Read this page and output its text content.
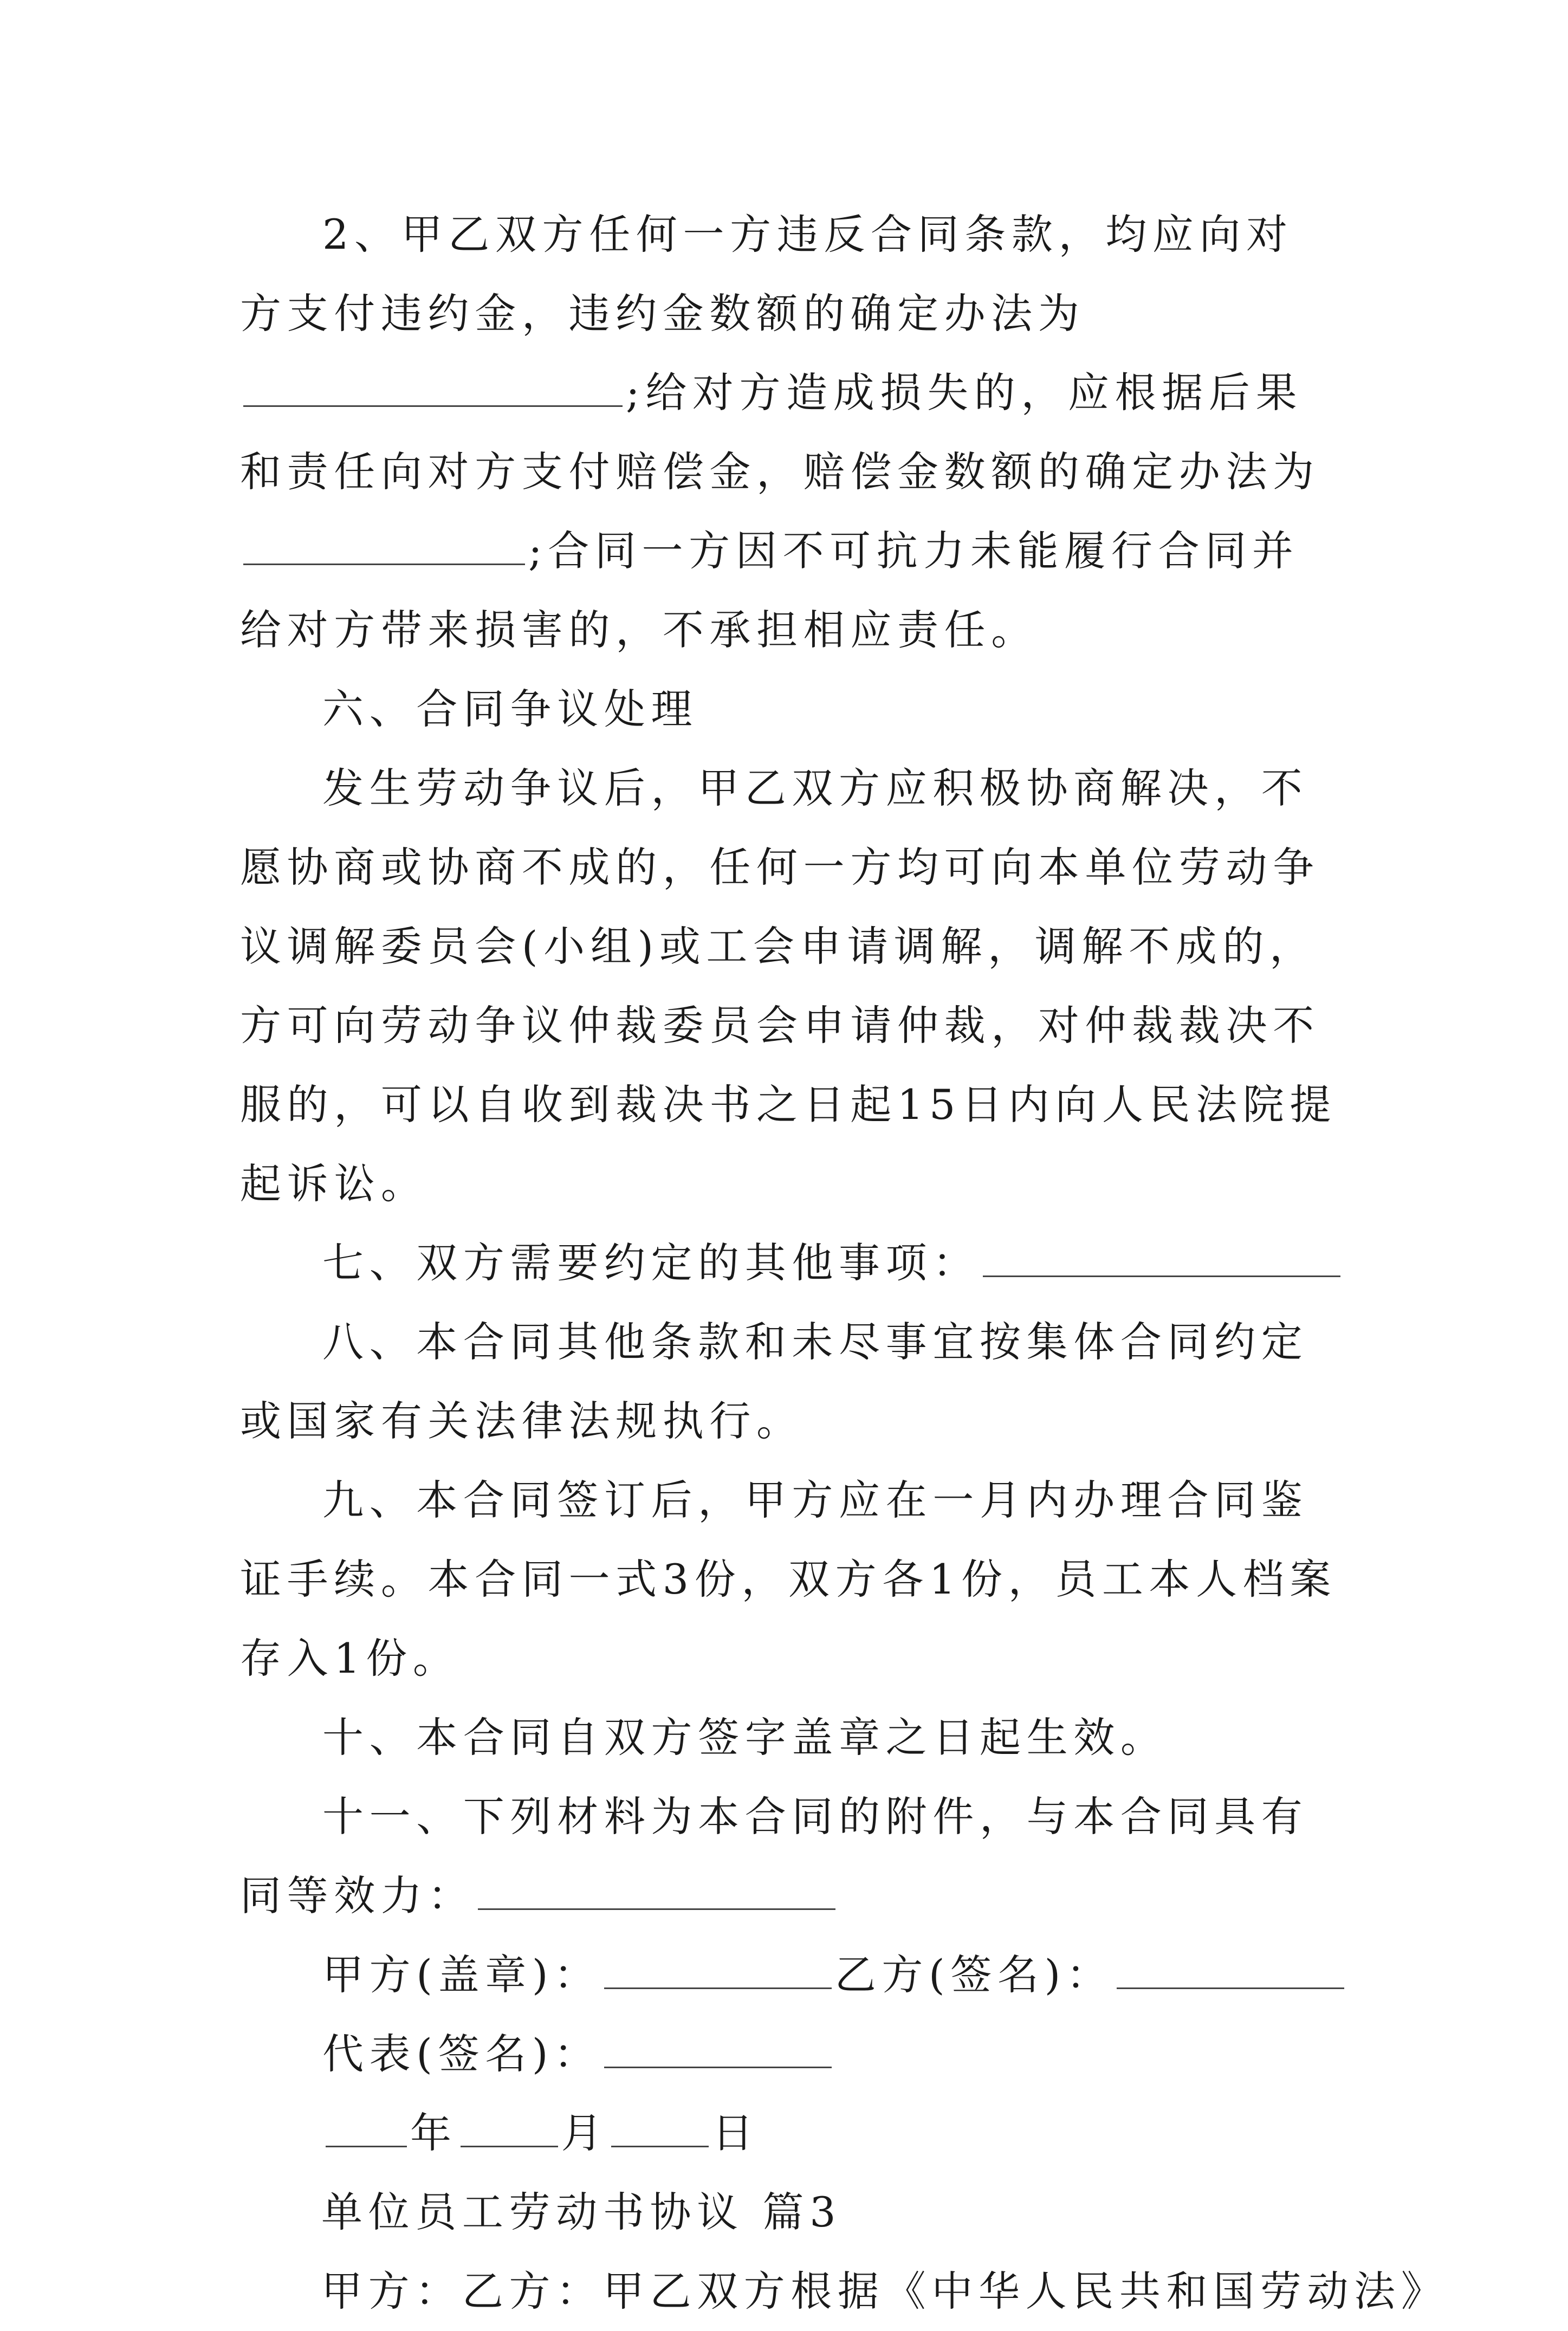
2、甲乙双方任何一方违反合同条款，均应向对方支付违约金，违约金数额的确定办法为;给对方造成损失的，应根据后果和责任向对方支付赔偿金，赔偿金数额的确定办法为;合同一方因不可抗力未能履行合同并给对方带来损害的，不承担相应责任。

六、合同争议处理

发生劳动争议后，甲乙双方应积极协商解决，不愿协商或协商不成的，任何一方均可向本单位劳动争议调解委员会(小组)或工会申请调解，调解不成的，方可向劳动争议仲裁委员会申请仲裁，对仲裁裁决不服的，可以自收到裁决书之日起15日内向人民法院提起诉讼。

七、双方需要约定的其他事项：

八、本合同其他条款和未尽事宜按集体合同约定或国家有关法律法规执行。

九、本合同签订后，甲方应在一月内办理合同鉴证手续。本合同一式3份，双方各1份，员工本人档案存入1份。

十、本合同自双方签字盖章之日起生效。

十一、下列材料为本合同的附件，与本合同具有同等效力：

甲方(盖章)：	乙方(签名)：

代表(签名)：

年	月	日

单位员工劳动书协议 篇3

甲方：乙方：甲乙双方根据《中华人民共和国劳动法》
